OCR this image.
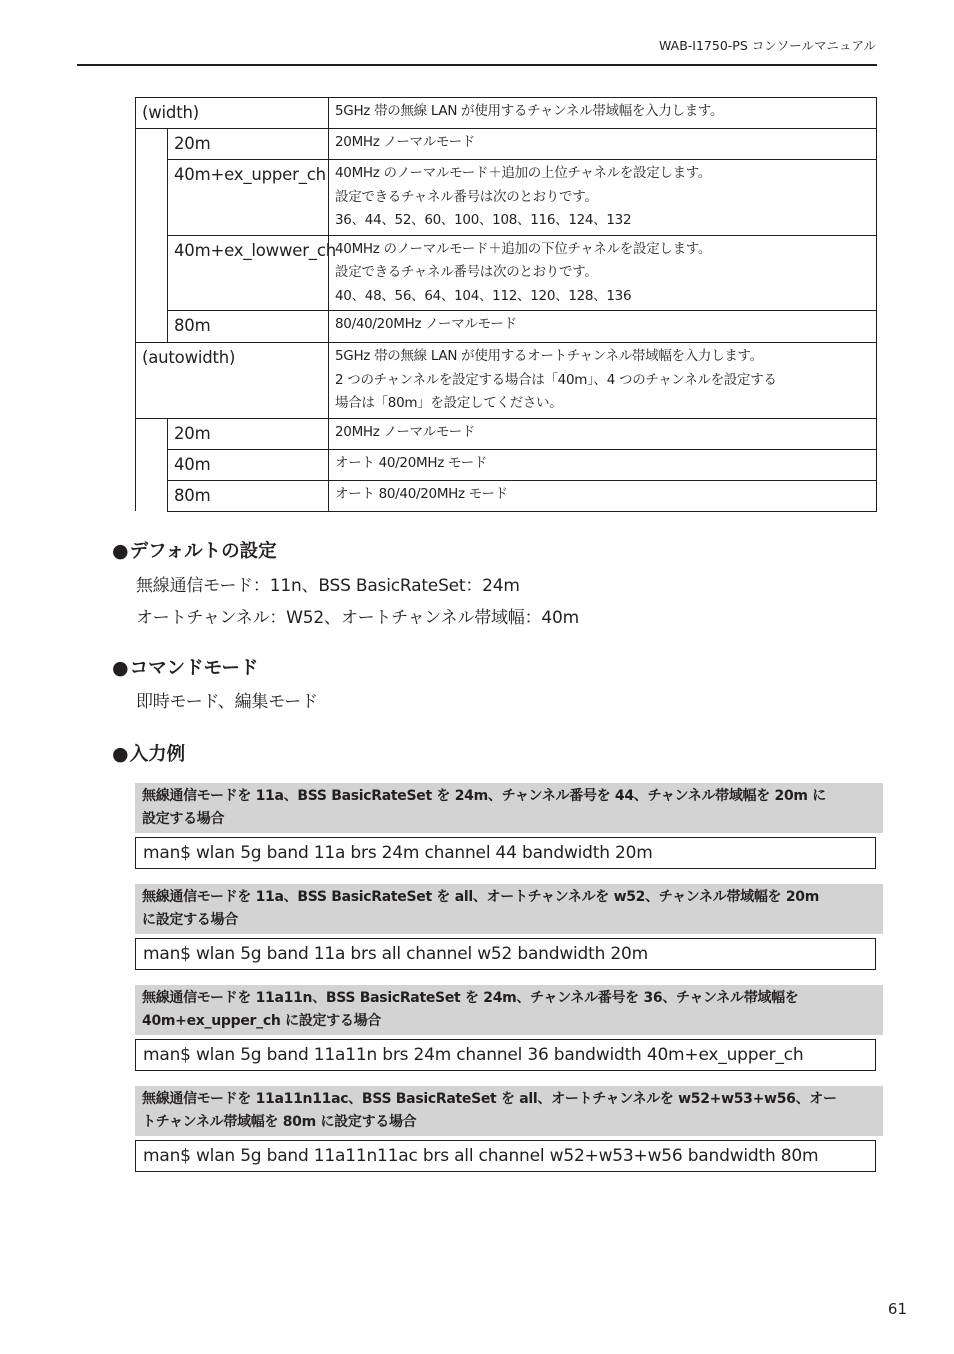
WAB-I1750-PS コンソールマニュアル
(width)		5GHz 帯の無線 LAN が使用するチャンネル帯域幅を入力します。

	20m	20MHz ノーマルモード

	40m+ex_upper_ch	40MHz のノーマルモード＋追加の上位チャネルを設定します。
設定できるチャネル番号は次のとおりです。
36、44、52、60、100、108、116、124、132

	40m+ex_lowwer_ch	40MHz のノーマルモード＋追加の下位チャネルを設定します。
設定できるチャネル番号は次のとおりです。
40、48、56、64、104、112、120、128、136

	80m	80/40/20MHz ノーマルモード

(autowidth)		5GHz 帯の無線 LAN が使用するオートチャンネル帯域幅を入力します。
2 つのチャンネルを設定する場合は「40m」、4 つのチャンネルを設定する
場合は「80m」を設定してください。

	20m	20MHz ノーマルモード

	40m	オート 40/20MHz モード

	80m	オート 80/40/20MHz モード
●デフォルトの設定
無線通信モード：11n、BSS BasicRateSet：24m
オートチャンネル：W52、オートチャンネル帯域幅：40m
●コマンドモード
即時モード、編集モード
●入力例
無線通信モードを 11a、BSS BasicRateSet を 24m、チャンネル番号を 44、チャンネル帯域幅を 20m に
設定する場合
man$ wlan 5g band 11a brs 24m channel 44 bandwidth 20m
無線通信モードを 11a、BSS BasicRateSet を all、オートチャンネルを w52、チャンネル帯域幅を 20m
に設定する場合
man$ wlan 5g band 11a brs all channel w52 bandwidth 20m
無線通信モードを 11a11n、BSS BasicRateSet を 24m、チャンネル番号を 36、チャンネル帯域幅を
40m+ex_upper_ch に設定する場合
man$ wlan 5g band 11a11n brs 24m channel 36 bandwidth 40m+ex_upper_ch
無線通信モードを 11a11n11ac、BSS BasicRateSet を all、オートチャンネルを w52+w53+w56、オー
トチャンネル帯域幅を 80m に設定する場合
man$ wlan 5g band 11a11n11ac brs all channel w52+w53+w56 bandwidth 80m
61
